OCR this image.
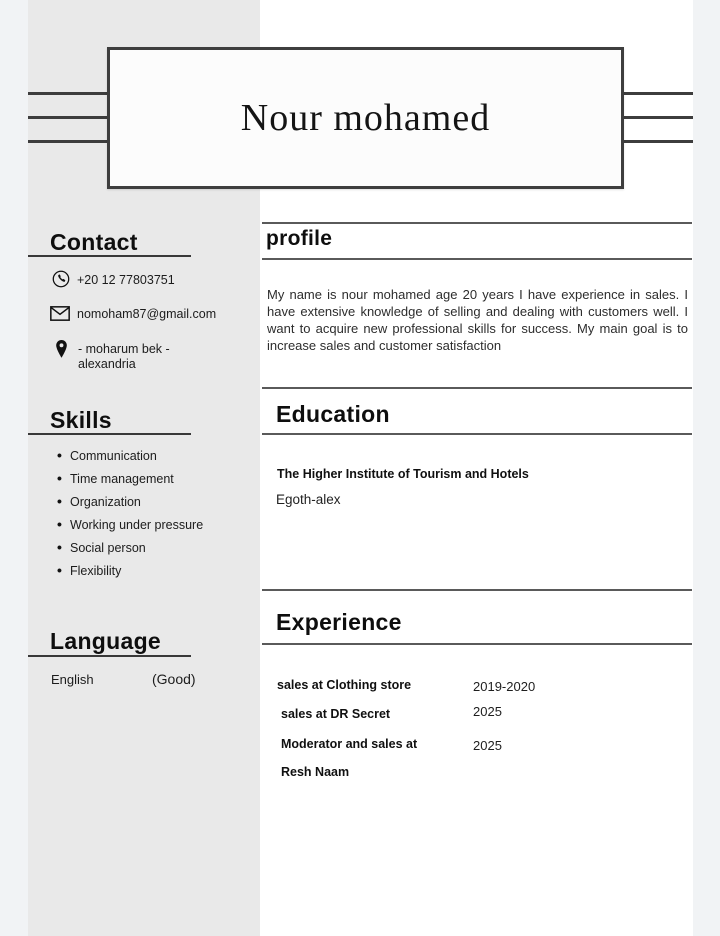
Nour mohamed
Contact
+20 12 77803751
nomoham87@gmail.com
- moharum bek -
alexandria
Skills
• Communication
• Time management
• Organization
• Working under pressure
• Social person
• Flexibility
Language
English	(Good)
profile
My name is nour mohamed age 20 years I have experience in sales. I have extensive knowledge of selling and dealing with customers well. I want to acquire new professional skills for success. My main goal is to increase sales and customer satisfaction
Education
The Higher Institute of Tourism and Hotels
Egoth-alex
Experience
sales at Clothing store	2019-2020
sales at DR Secret	2025
Moderator and sales at	2025
Resh Naam
